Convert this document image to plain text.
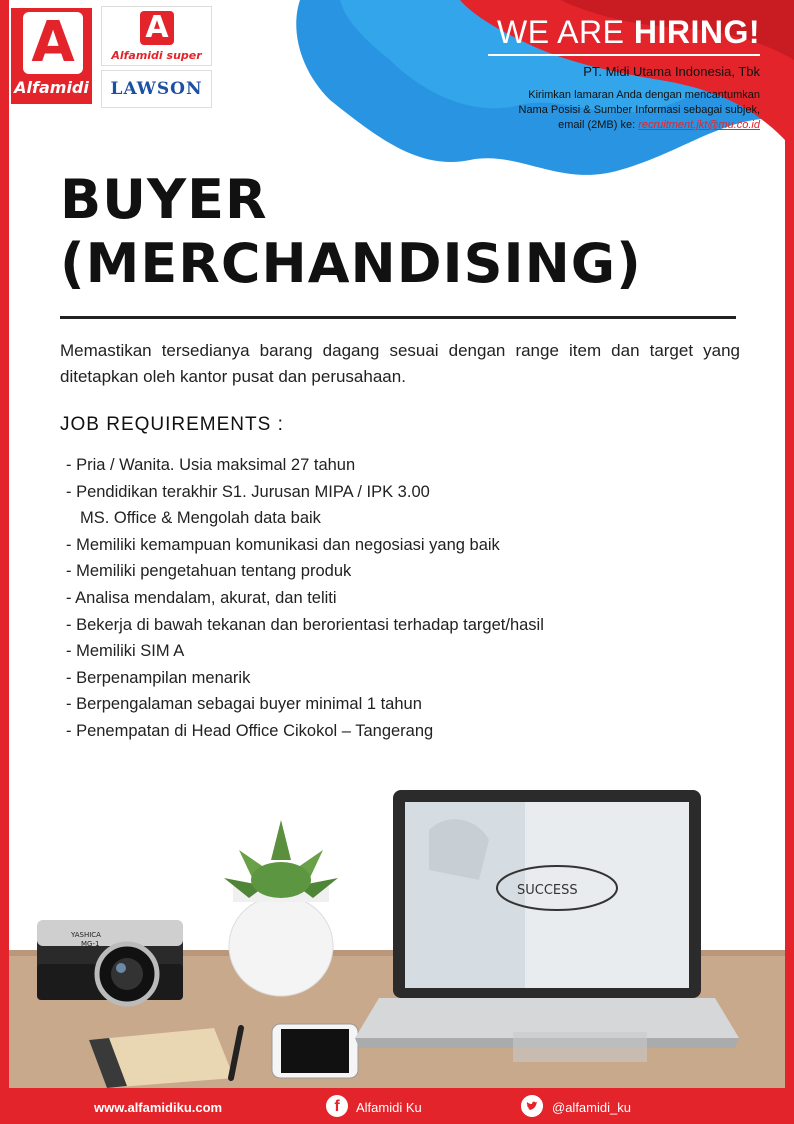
A
Alfamidi
A
Alfamidi super
LAWSON
WE ARE HIRING!
PT. Midi Utama Indonesia, Tbk
Kirimkan lamaran Anda dengan mencantumkan
Nama Posisi & Sumber Informasi sebagai subjek,
email (2MB) ke: recruitment.jkt@mu.co.id
BUYER
(MERCHANDISING)
Memastikan tersedianya barang dagang sesuai dengan range item dan target yang ditetapkan oleh kantor pusat dan perusahaan.
JOB REQUIREMENTS :
- Pria / Wanita. Usia maksimal 27 tahun
- Pendidikan terakhir S1. Jurusan MIPA / IPK 3.00
MS. Office & Mengolah data baik
- Memiliki kemampuan komunikasi dan negosiasi yang baik
- Memiliki pengetahuan tentang produk
- Analisa mendalam, akurat, dan teliti
- Bekerja di bawah tekanan dan berorientasi terhadap target/hasil
- Memiliki SIM A
- Berpenampilan menarik
- Berpengalaman sebagai buyer minimal 1 tahun
- Penempatan di Head Office Cikokol – Tangerang
YASHICA
MG-1
SUCCESS
www.alfamidiku.com	f	Alfamidi Ku	@alfamidi_ku
